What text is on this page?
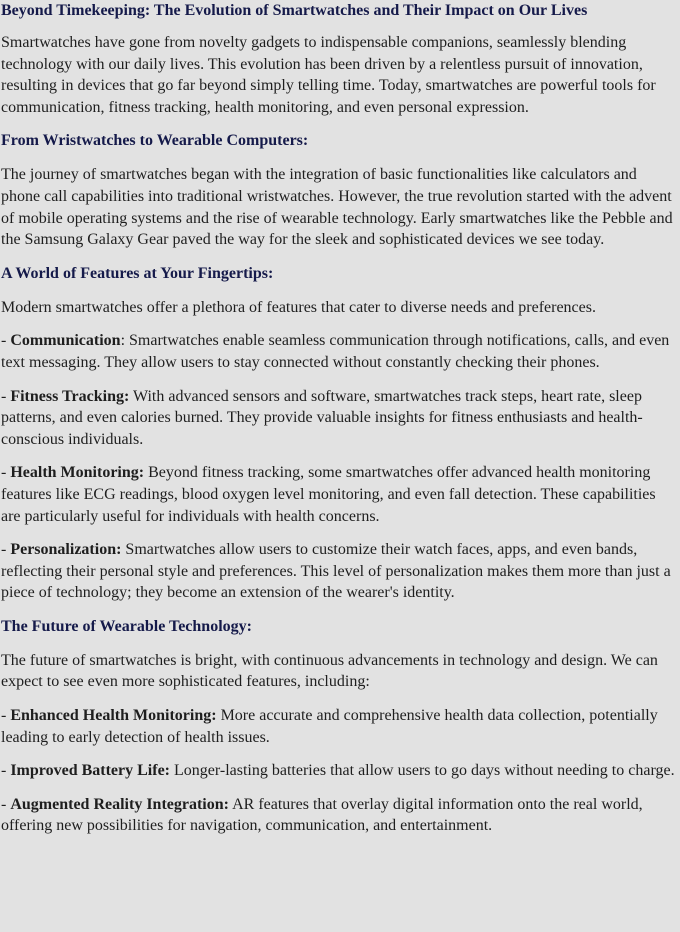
Beyond Timekeeping: The Evolution of Smartwatches and Their Impact on Our Lives

Smartwatches have gone from novelty gadgets to indispensable companions, seamlessly blending technology with our daily lives. This evolution has been driven by a relentless pursuit of innovation, resulting in devices that go far beyond simply telling time. Today, smartwatches are powerful tools for communication, fitness tracking, health monitoring, and even personal expression.

From Wristwatches to Wearable Computers:

The journey of smartwatches began with the integration of basic functionalities like calculators and phone call capabilities into traditional wristwatches. However, the true revolution started with the advent of mobile operating systems and the rise of wearable technology. Early smartwatches like the Pebble and the Samsung Galaxy Gear paved the way for the sleek and sophisticated devices we see today.

A World of Features at Your Fingertips:

Modern smartwatches offer a plethora of features that cater to diverse needs and preferences.

- Communication: Smartwatches enable seamless communication through notifications, calls, and even text messaging. They allow users to stay connected without constantly checking their phones.

- Fitness Tracking: With advanced sensors and software, smartwatches track steps, heart rate, sleep patterns, and even calories burned. They provide valuable insights for fitness enthusiasts and health-conscious individuals.

- Health Monitoring: Beyond fitness tracking, some smartwatches offer advanced health monitoring features like ECG readings, blood oxygen level monitoring, and even fall detection. These capabilities are particularly useful for individuals with health concerns.

- Personalization: Smartwatches allow users to customize their watch faces, apps, and even bands, reflecting their personal style and preferences. This level of personalization makes them more than just a piece of technology; they become an extension of the wearer's identity.

The Future of Wearable Technology:

The future of smartwatches is bright, with continuous advancements in technology and design. We can expect to see even more sophisticated features, including:

- Enhanced Health Monitoring: More accurate and comprehensive health data collection, potentially leading to early detection of health issues.

- Improved Battery Life: Longer-lasting batteries that allow users to go days without needing to charge.

- Augmented Reality Integration: AR features that overlay digital information onto the real world, offering new possibilities for navigation, communication, and entertainment.
